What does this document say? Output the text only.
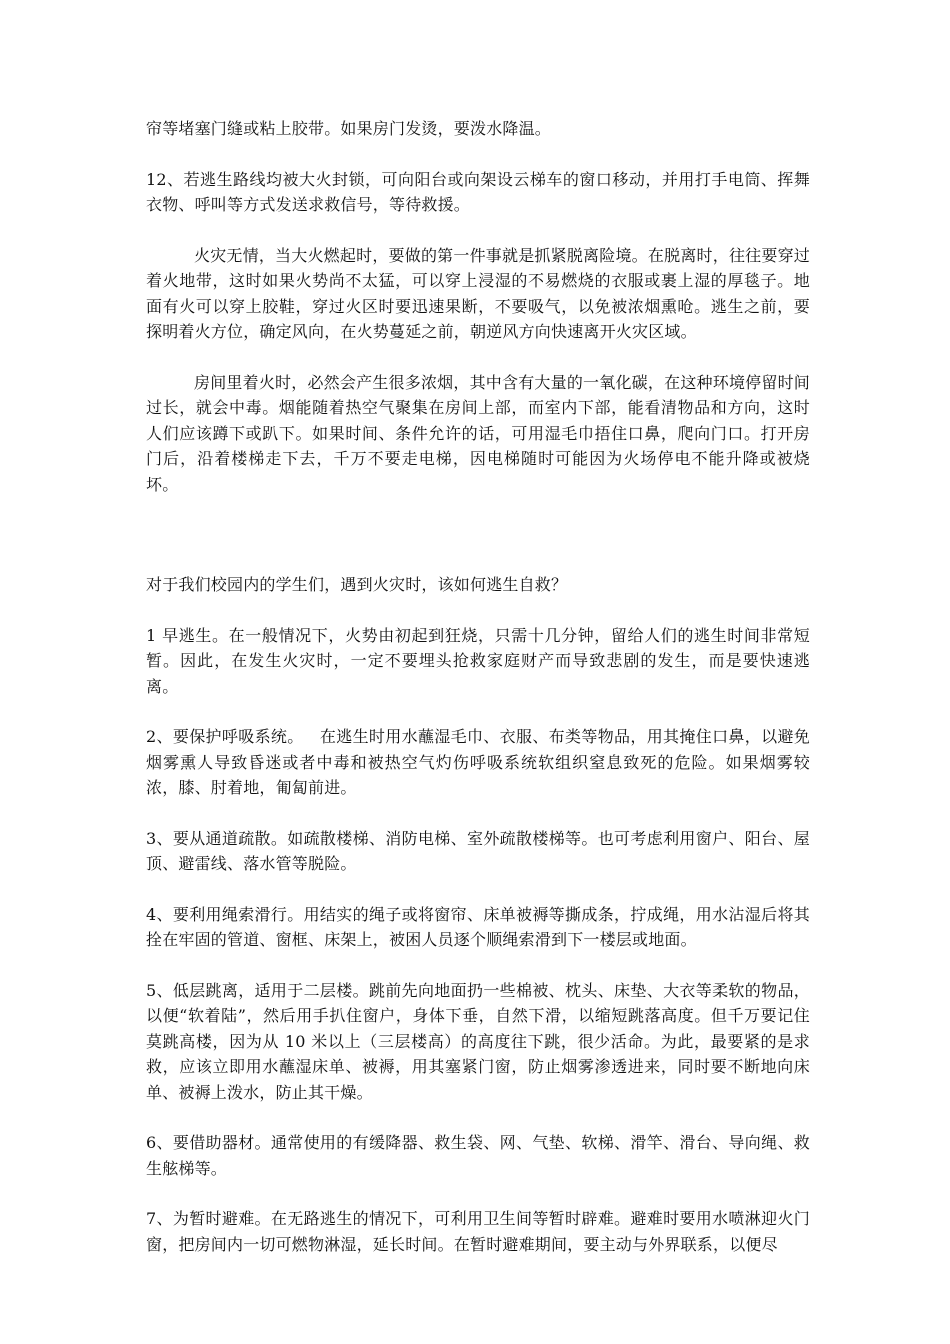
帘等堵塞门缝或粘上胶带。如果房门发烫，要泼水降温。

12、若逃生路线均被大火封锁，可向阳台或向架设云梯车的窗口移动，并用打手电筒、挥舞衣物、呼叫等方式发送求救信号，等待救援。

火灾无情，当大火燃起时，要做的第一件事就是抓紧脱离险境。在脱离时，往往要穿过着火地带，这时如果火势尚不太猛，可以穿上浸湿的不易燃烧的衣服或裹上湿的厚毯子。地面有火可以穿上胶鞋，穿过火区时要迅速果断，不要吸气，以免被浓烟熏呛。逃生之前，要探明着火方位，确定风向，在火势蔓延之前，朝逆风方向快速离开火灾区域。

房间里着火时，必然会产生很多浓烟，其中含有大量的一氧化碳，在这种环境停留时间过长，就会中毒。烟能随着热空气聚集在房间上部，而室内下部，能看清物品和方向，这时人们应该蹲下或趴下。如果时间、条件允许的话，可用湿毛巾捂住口鼻，爬向门口。打开房门后，沿着楼梯走下去，千万不要走电梯，因电梯随时可能因为火场停电不能升降或被烧坏。

对于我们校园内的学生们，遇到火灾时，该如何逃生自救？

1 早逃生。在一般情况下，火势由初起到狂烧，只需十几分钟，留给人们的逃生时间非常短暂。因此，在发生火灾时，一定不要埋头抢救家庭财产而导致悲剧的发生，而是要快速逃离。

2、要保护呼吸系统。   在逃生时用水蘸湿毛巾、衣服、布类等物品，用其掩住口鼻，以避免烟雾熏人导致昏迷或者中毒和被热空气灼伤呼吸系统软组织窒息致死的危险。如果烟雾较浓，膝、肘着地，匍匐前进。

3、要从通道疏散。如疏散楼梯、消防电梯、室外疏散楼梯等。也可考虑利用窗户、阳台、屋顶、避雷线、落水管等脱险。

4、要利用绳索滑行。用结实的绳子或将窗帘、床单被褥等撕成条，拧成绳，用水沾湿后将其拴在牢固的管道、窗框、床架上，被困人员逐个顺绳索滑到下一楼层或地面。

5、低层跳离，适用于二层楼。跳前先向地面扔一些棉被、枕头、床垫、大衣等柔软的物品，以便“软着陆”，然后用手扒住窗户，身体下垂，自然下滑，以缩短跳落高度。但千万要记住莫跳高楼，因为从 10 米以上（三层楼高）的高度往下跳，很少活命。为此，最要紧的是求救，应该立即用水蘸湿床单、被褥，用其塞紧门窗，防止烟雾渗透进来，同时要不断地向床单、被褥上泼水，防止其干燥。

6、要借助器材。通常使用的有缓降器、救生袋、网、气垫、软梯、滑竿、滑台、导向绳、救生舷梯等。

7、为暂时避难。在无路逃生的情况下，可利用卫生间等暂时辟难。避难时要用水喷淋迎火门窗，把房间内一切可燃物淋湿，延长时间。在暂时避难期间，要主动与外界联系，以便尽
